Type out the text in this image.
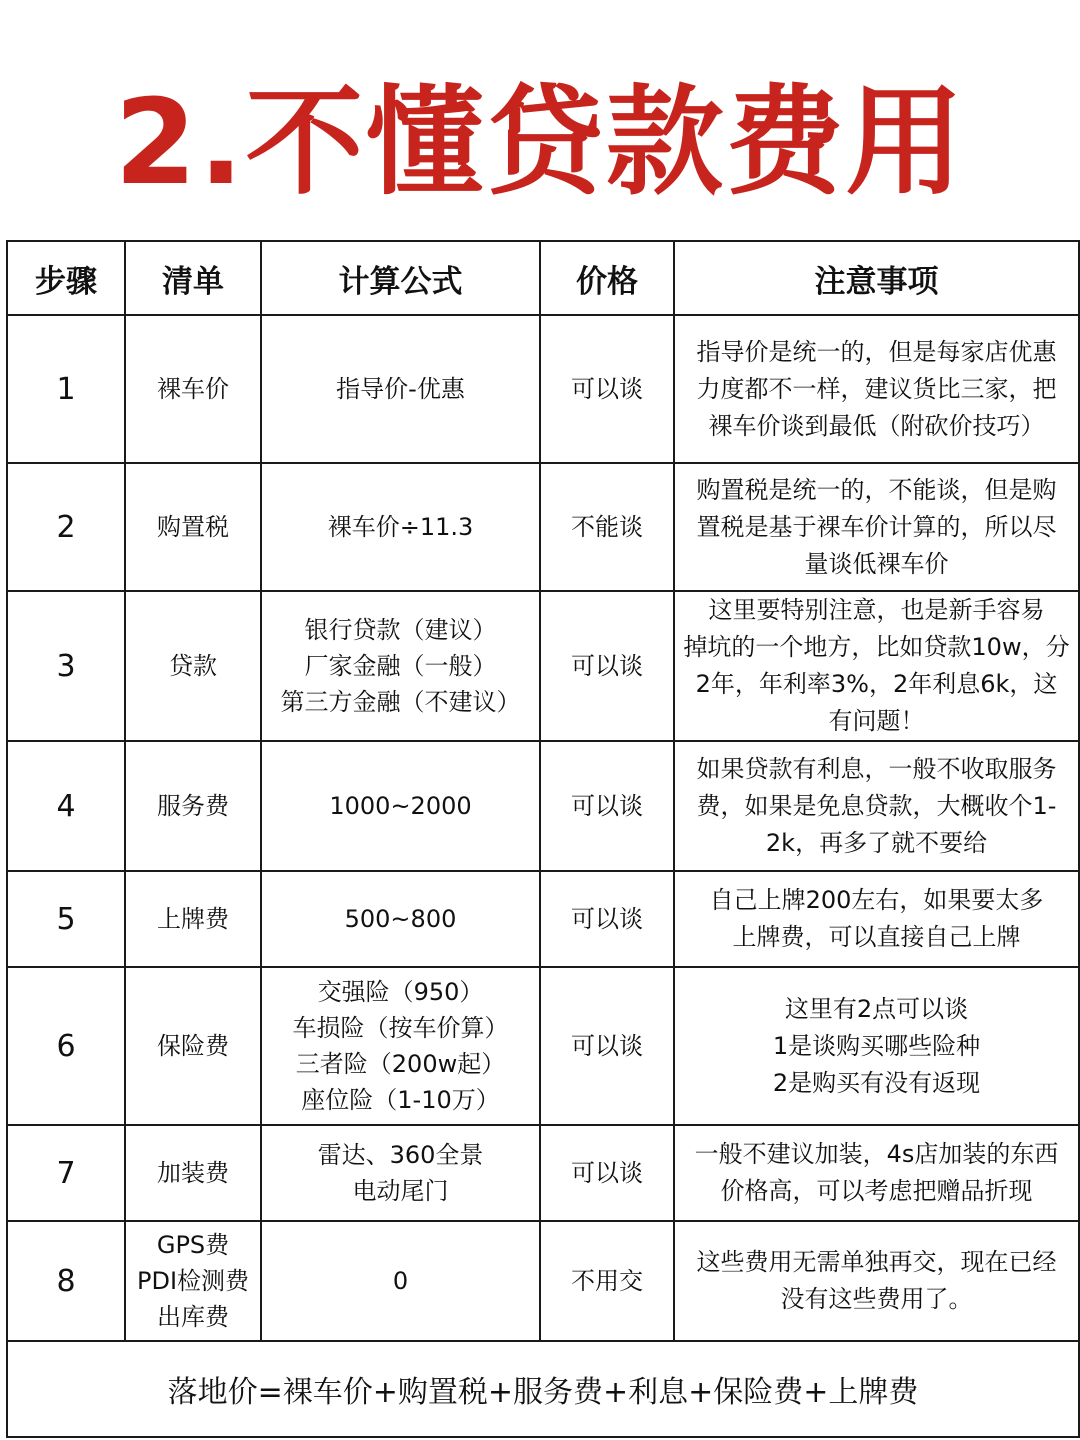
2.不懂贷款费用
步骤	清单	计算公式	价格	注意事项
1	裸车价	指导价-优惠	可以谈	指导价是统一的，但是每家店优惠
力度都不一样，建议货比三家，把
裸车价谈到最低（附砍价技巧）

2	购置税	裸车价÷11.3	不能谈	购置税是统一的，不能谈，但是购
置税是基于裸车价计算的，所以尽
量谈低裸车价

3	贷款	银行贷款（建议）
厂家金融（一般）
第三方金融（不建议）	可以谈	这里要特别注意，也是新手容易
掉坑的一个地方，比如贷款10w，分
2年，年利率3%，2年利息6k，这
有问题！

4	服务费	1000~2000	可以谈	如果贷款有利息，一般不收取服务
费，如果是免息贷款，大概收个1-
2k，再多了就不要给

5	上牌费	500~800	可以谈	自己上牌200左右，如果要太多
上牌费，可以直接自己上牌

6	保险费	交强险（950）
车损险（按车价算）
三者险（200w起）
座位险（1-10万）	可以谈	这里有2点可以谈
1是谈购买哪些险种
2是购买有没有返现

7	加装费	雷达、360全景
电动尾门	可以谈	一般不建议加装，4s店加装的东西
价格高，可以考虑把赠品折现

8	GPS费
PDI检测费
出库费	0	不用交	这些费用无需单独再交，现在已经
没有这些费用了。

落地价=裸车价+购置税+服务费+利息+保险费+上牌费				
